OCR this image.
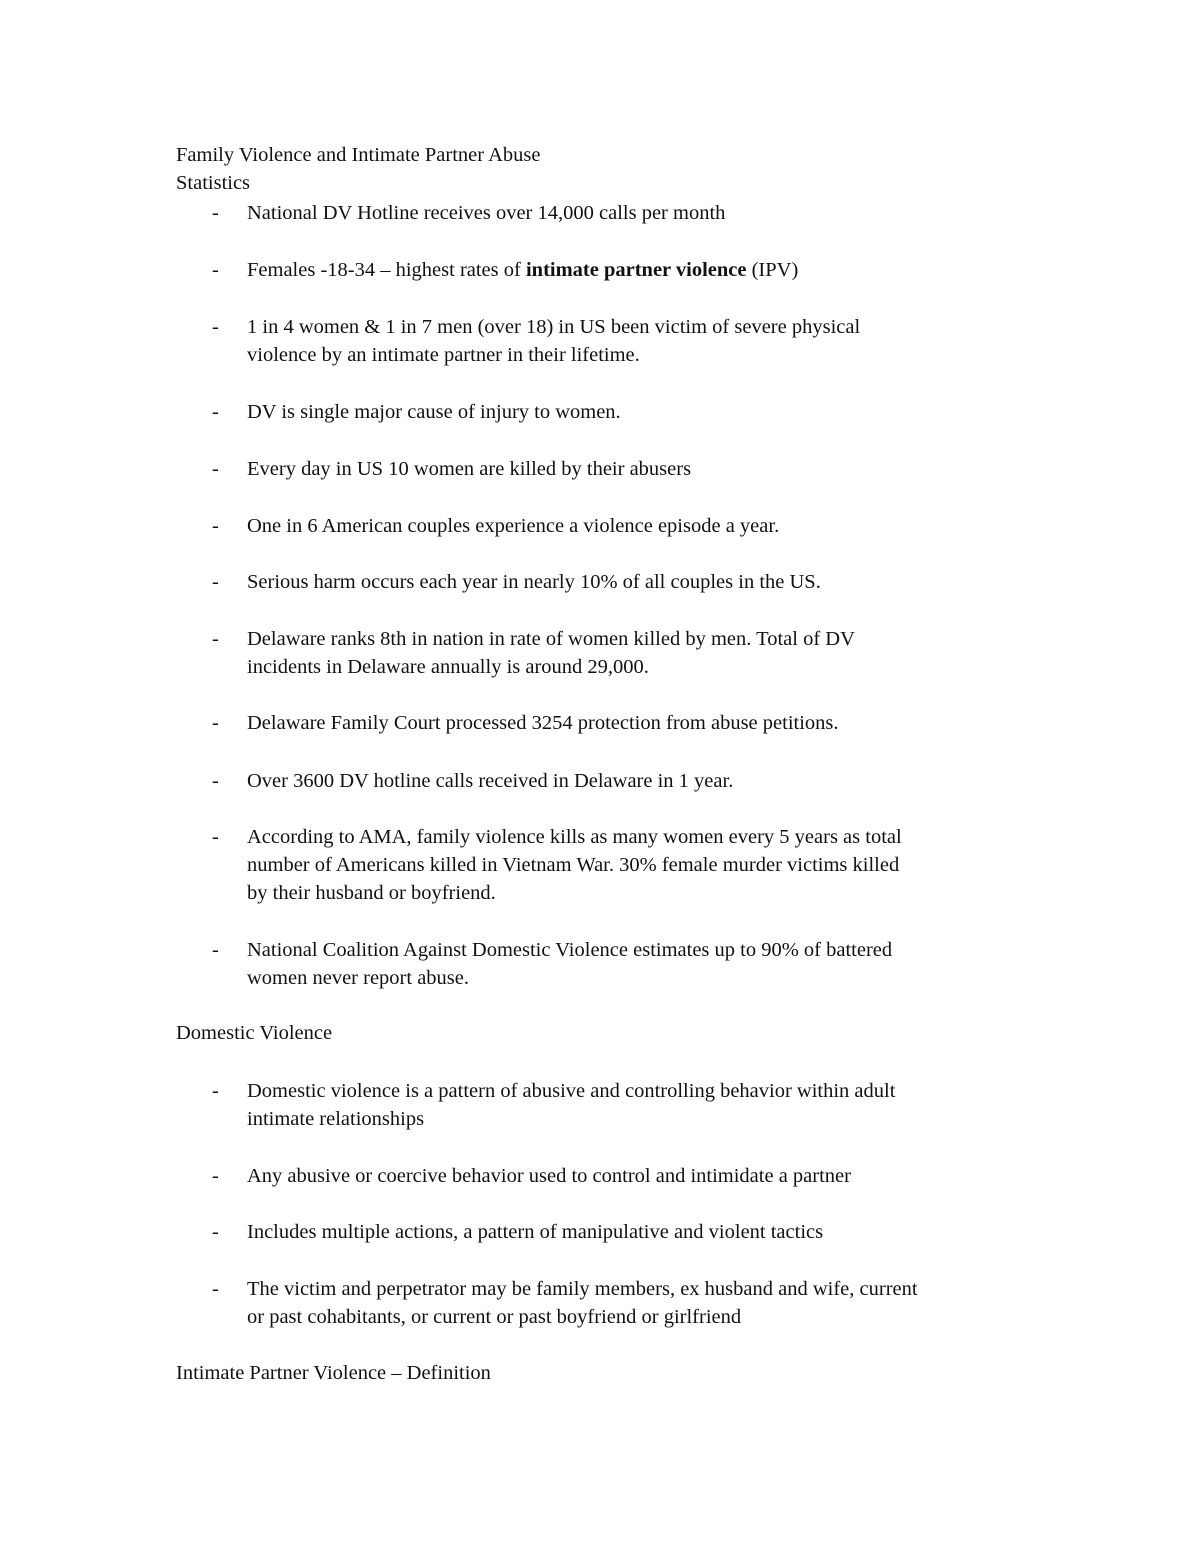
Family Violence and Intimate Partner Abuse
Statistics
-	National DV Hotline receives over 14,000 calls per month
-	Females -18-34 – highest rates of intimate partner violence (IPV)
-	1 in 4 women & 1 in 7 men (over 18) in US been victim of severe physical
violence by an intimate partner in their lifetime.
-	DV is single major cause of injury to women.
-	Every day in US 10 women are killed by their abusers
-	One in 6 American couples experience a violence episode a year.
-	Serious harm occurs each year in nearly 10% of all couples in the US.
-	Delaware ranks 8th in nation in rate of women killed by men. Total of DV
incidents in Delaware annually is around 29,000.
-	Delaware Family Court processed 3254 protection from abuse petitions.
-	Over 3600 DV hotline calls received in Delaware in 1 year.
-	According to AMA, family violence kills as many women every 5 years as total
number of Americans killed in Vietnam War. 30% female murder victims killed
by their husband or boyfriend.
-	National Coalition Against Domestic Violence estimates up to 90% of battered
women never report abuse.
Domestic Violence
-	Domestic violence is a pattern of abusive and controlling behavior within adult
intimate relationships
-	Any abusive or coercive behavior used to control and intimidate a partner
-	Includes multiple actions, a pattern of manipulative and violent tactics
-	The victim and perpetrator may be family members, ex husband and wife, current
or past cohabitants, or current or past boyfriend or girlfriend
Intimate Partner Violence – Definition
